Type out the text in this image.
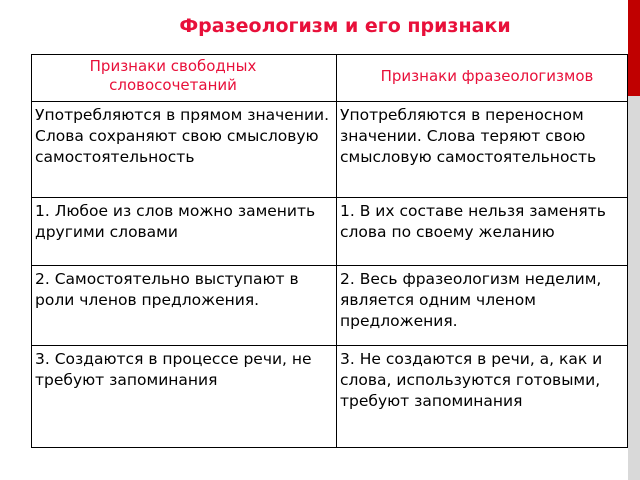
Фразеологизм и его признаки
Признаки свободных словосочетаний	Признаки фразеологизмов
Употребляются в прямом значении. Слова сохраняют свою смысловую самостоятельность	Употребляются в переносном значении. Слова теряют свою смысловую самостоятельность
1. Любое из слов можно заменить другими словами	1. В их составе нельзя заменять слова по своему желанию
2. Самостоятельно выступают в роли членов предложения.	2. Весь фразеологизм неделим, является одним членом предложения.
3. Создаются в процессе речи, не требуют запоминания	3. Не создаются в речи, а, как и слова, используются готовыми, требуют запоминания
